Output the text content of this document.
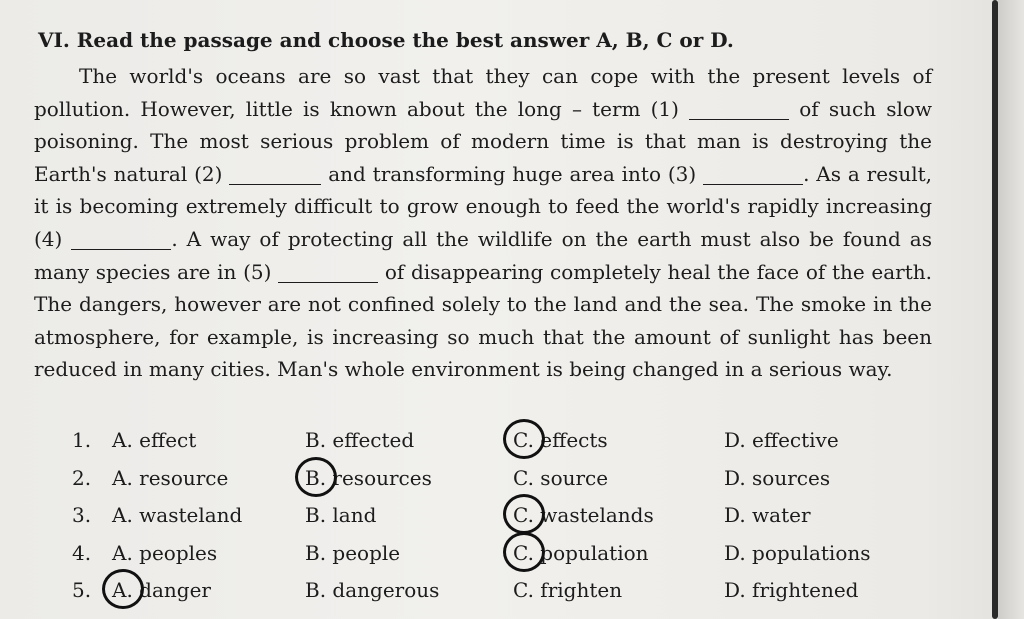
VI. Read the passage and choose the best answer A, B, C or D.

The world's oceans are so vast that they can cope with the present levels of pollution. However, little is known about the long – term (1)	of such slow poisoning. The most serious problem of modern time is that man is destroying the Earth's natural (2)	and transforming huge area into (3)	. As a result, it is becoming extremely difficult to grow enough to feed the world's rapidly increasing (4)	. A way of protecting all the wildlife on the earth must also be found as many species are in (5)	of disappearing completely heal the face of the earth. The dangers, however are not confined solely to the land and the sea. The smoke in the atmosphere, for example, is increasing so much that the amount of sunlight has been reduced in many cities. Man's whole environment is being changed in a serious way.

1. A. effect	B. effected	C. effects	D. effective
2. A. resource	B. resources	C. source	D. sources
3. A. wasteland	B. land	C. wastelands	D. water
4. A. peoples	B. people	C. population	D. populations
5. A. danger	B. dangerous	C. frighten	D. frightened
